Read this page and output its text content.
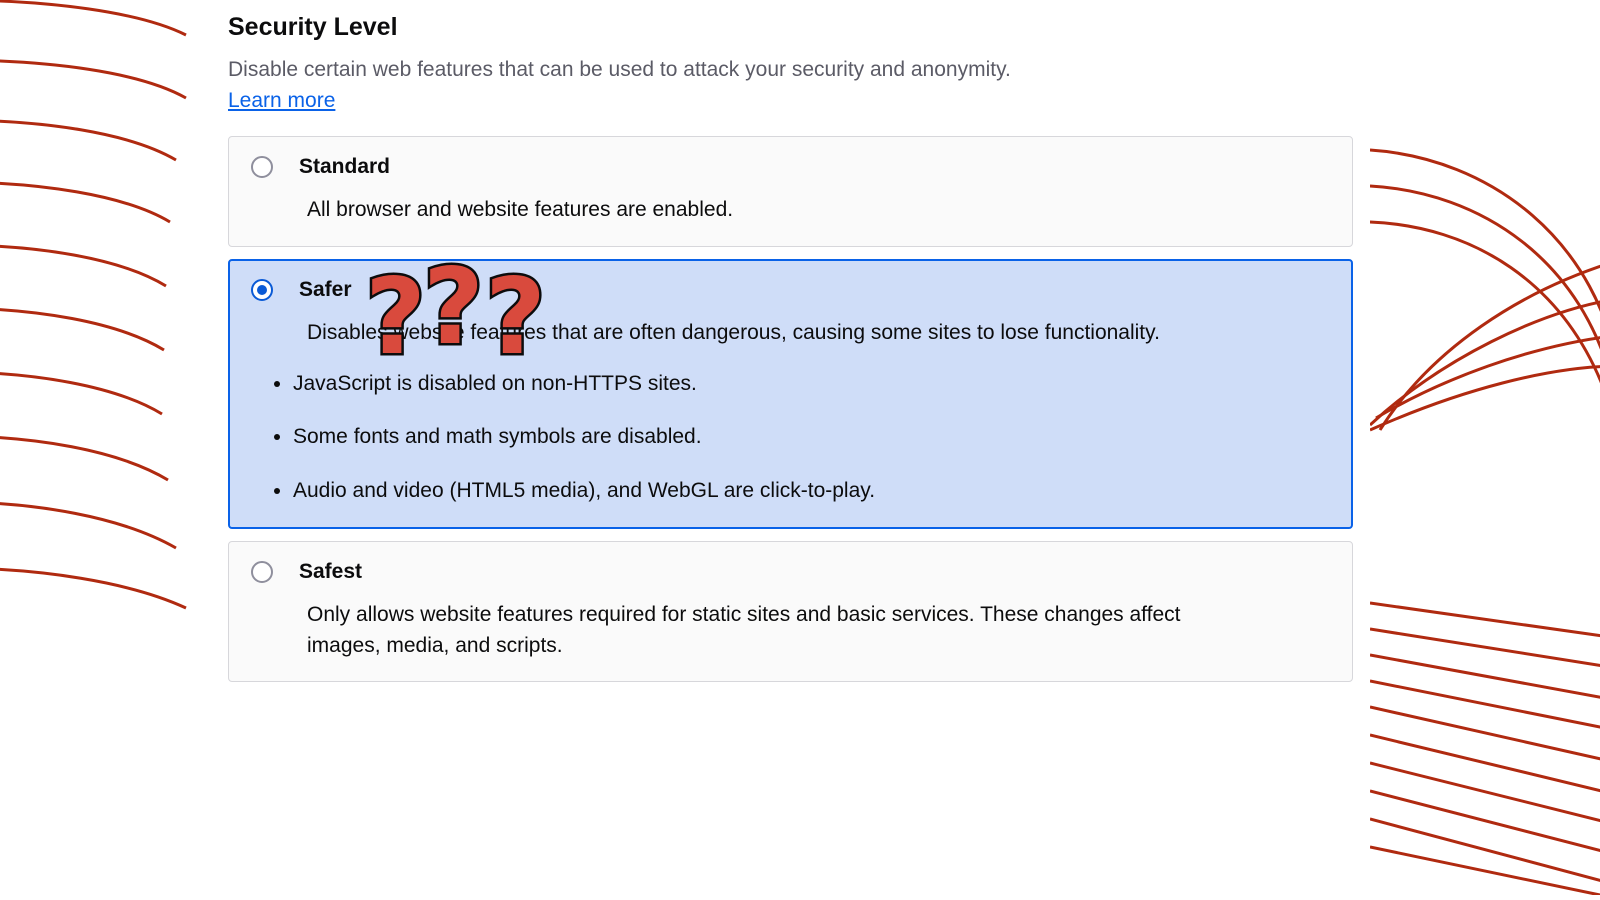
Security Level

Disable certain web features that can be used to attack your security and anonymity.

Learn more
Standard
All browser and website features are enabled.
Safer
Disables website features that are often dangerous, causing some sites to lose functionality.
• JavaScript is disabled on non-HTTPS sites.
• Some fonts and math symbols are disabled.
• Audio and video (HTML5 media), and WebGL are click-to-play.
Safest
Only allows website features required for static sites and basic services. These changes affect images, media, and scripts.
?
? ?
